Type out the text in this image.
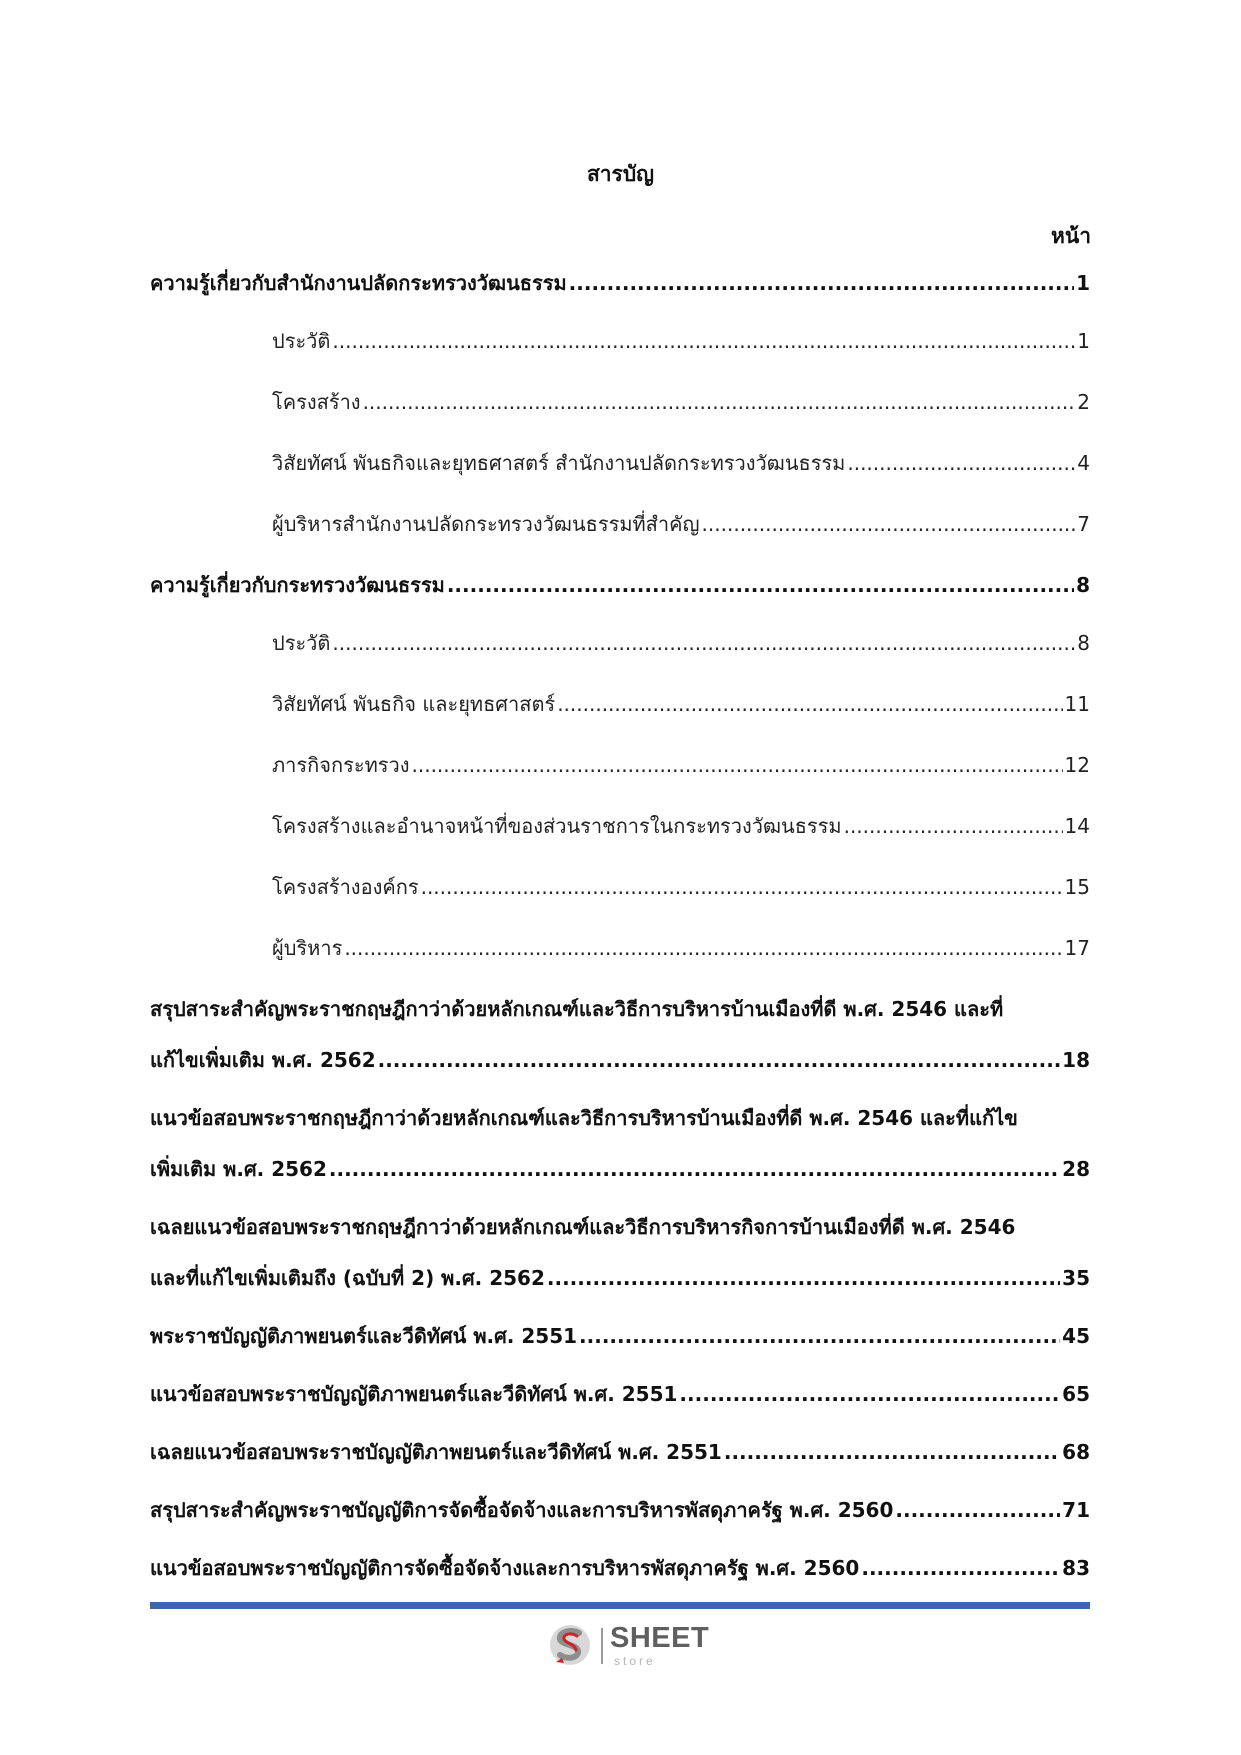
สารบัญ
หน้า
ความรู้เกี่ยวกับสำนักงานปลัดกระทรวงวัฒนธรรม .....	1
ประวัติ .....	1
โครงสร้าง .....	2
วิสัยทัศน์ พันธกิจและยุทธศาสตร์ สำนักงานปลัดกระทรวงวัฒนธรรม .....	4
ผู้บริหารสำนักงานปลัดกระทรวงวัฒนธรรมที่สำคัญ .....	7
ความรู้เกี่ยวกับกระทรวงวัฒนธรรม .....	8
ประวัติ .....	8
วิสัยทัศน์ พันธกิจ และยุทธศาสตร์ .....	11
ภารกิจกระทรวง .....	12
โครงสร้างและอำนาจหน้าที่ของส่วนราชการในกระทรวงวัฒนธรรม .....	14
โครงสร้างองค์กร .....	15
ผู้บริหาร .....	17
สรุปสาระสำคัญพระราชกฤษฎีกาว่าด้วยหลักเกณฑ์และวิธีการบริหารบ้านเมืองที่ดี พ.ศ. 2546 และที่
แก้ไขเพิ่มเติม พ.ศ. 2562 .....	18
แนวข้อสอบพระราชกฤษฎีกาว่าด้วยหลักเกณฑ์และวิธีการบริหารบ้านเมืองที่ดี พ.ศ. 2546 และที่แก้ไข
เพิ่มเติม พ.ศ. 2562 .....	28
เฉลยแนวข้อสอบพระราชกฤษฎีกาว่าด้วยหลักเกณฑ์และวิธีการบริหารกิจการบ้านเมืองที่ดี พ.ศ. 2546
และที่แก้ไขเพิ่มเติมถึง (ฉบับที่ 2) พ.ศ. 2562 .....	35
พระราชบัญญัติภาพยนตร์และวีดิทัศน์ พ.ศ. 2551 .....	45
แนวข้อสอบพระราชบัญญัติภาพยนตร์และวีดิทัศน์ พ.ศ. 2551 .....	65
เฉลยแนวข้อสอบพระราชบัญญัติภาพยนตร์และวีดิทัศน์ พ.ศ. 2551 .....	68
สรุปสาระสำคัญพระราชบัญญัติการจัดซื้อจัดจ้างและการบริหารพัสดุภาครัฐ พ.ศ. 2560 .....	71
แนวข้อสอบพระราชบัญญัติการจัดซื้อจัดจ้างและการบริหารพัสดุภาครัฐ พ.ศ. 2560 .....	83
SHEET
store
